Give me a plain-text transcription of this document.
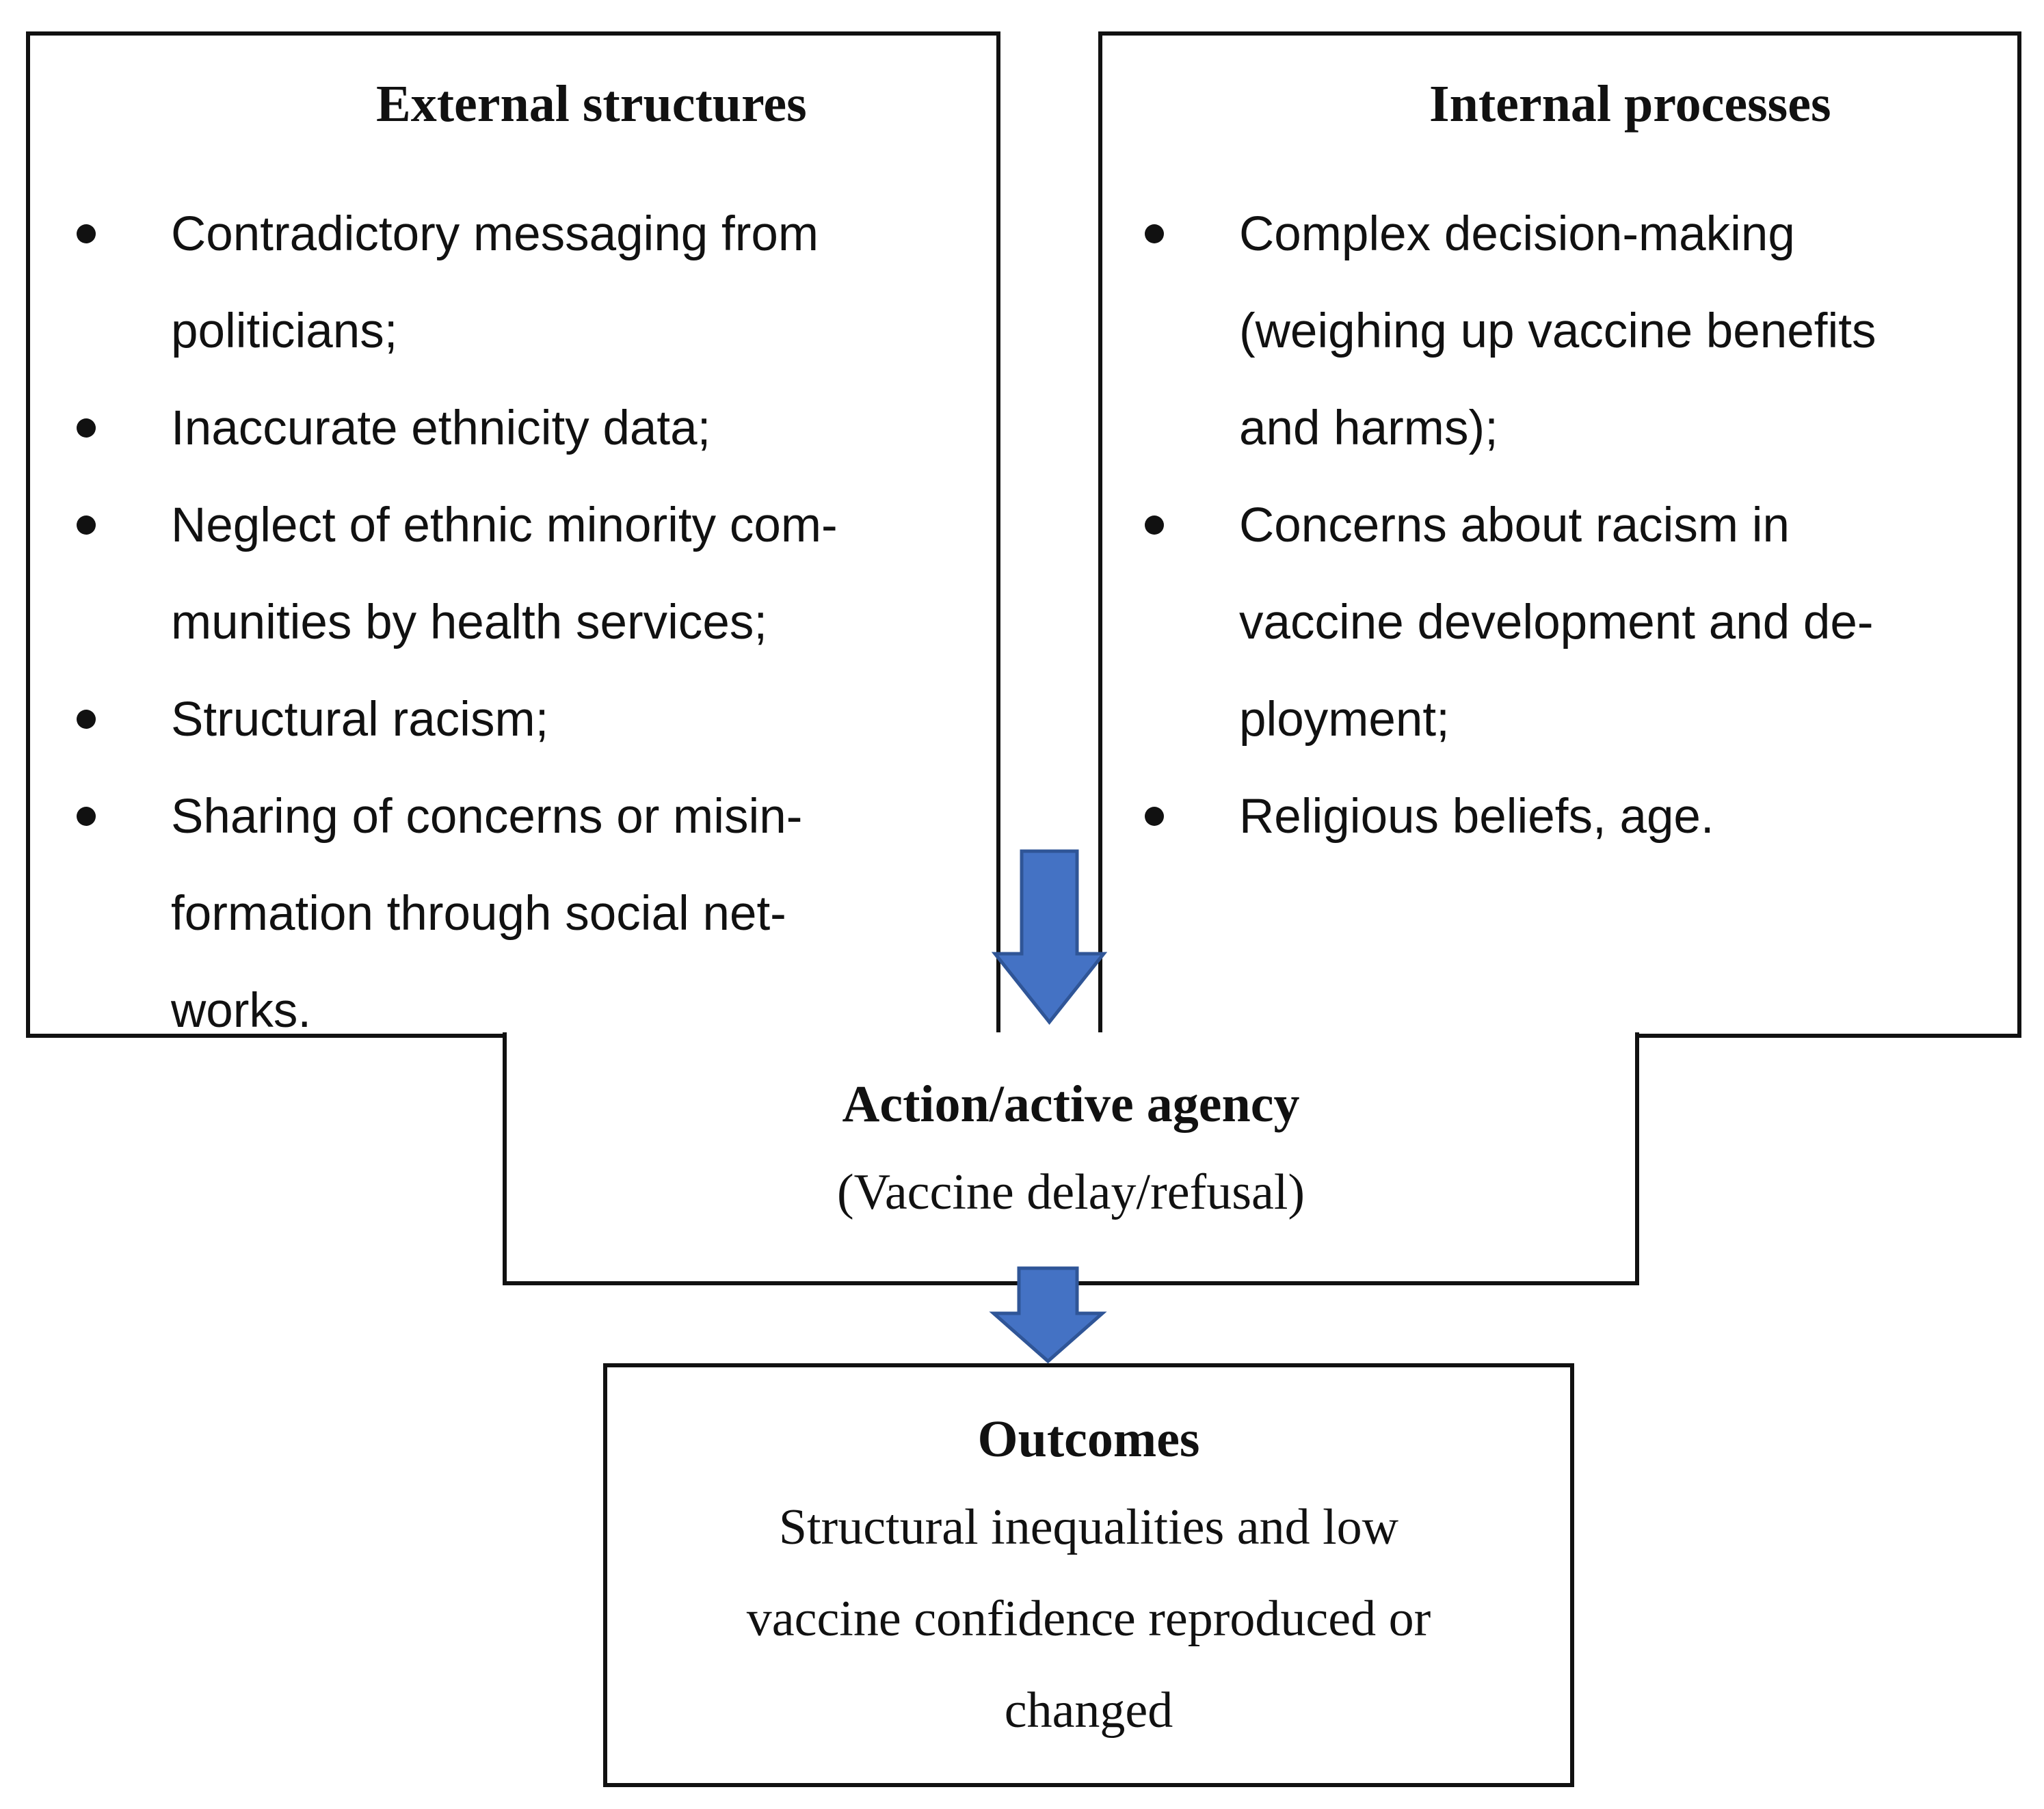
External structures
Contradictory messaging from
politicians;
Inaccurate ethnicity data;
Neglect of ethnic minority com-
munities by health services;
Structural racism;
Sharing of concerns or misin-
formation through social net-
works.
Internal processes
Complex decision-making
(weighing up vaccine benefits
and harms);
Concerns about racism in
vaccine development and de-
ployment;
Religious beliefs, age.
Action/active agency
(Vaccine delay/refusal)
Outcomes
Structural inequalities and low
vaccine confidence reproduced or
changed
